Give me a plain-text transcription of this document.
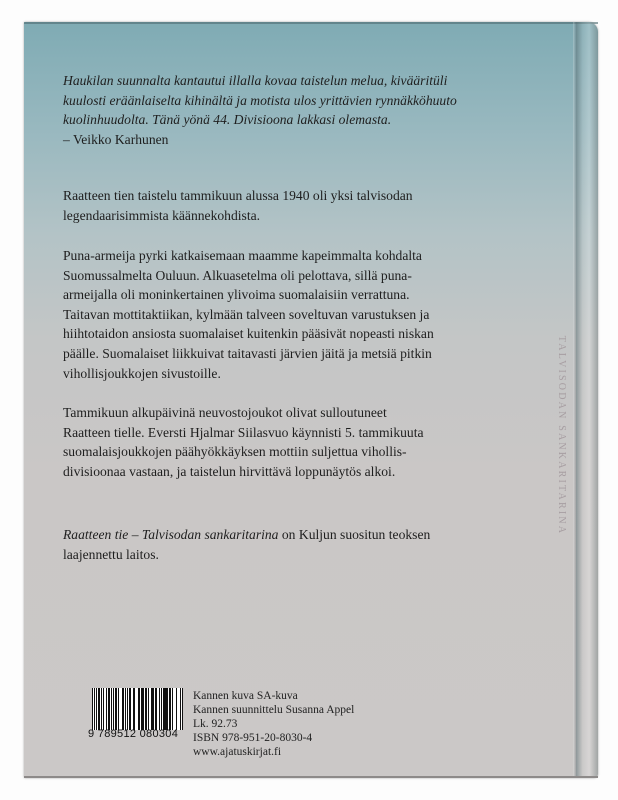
TALVISODAN SANKARITARINA
Haukilan suunnalta kantautui illalla kovaa taistelun melua, kivääritüli
kuulosti eräänlaiselta kihinältä ja motista ulos yrittävien rynnäkköhuuto
kuolinhuudolta. Tänä yönä 44. Divisioona lakkasi olemasta.
– Veikko Karhunen
Raatteen tien taistelu tammikuun alussa 1940 oli yksi talvisodan
legendaarisimmista käännekohdista.
Puna-armeija pyrki katkaisemaan maamme kapeimmalta kohdalta
Suomussalmelta Ouluun. Alkuasetelma oli pelottava, sillä puna-
armeijalla oli moninkertainen ylivoima suomalaisiin verrattuna.
Taitavan mottitaktiikan, kylmään talveen soveltuvan varustuksen ja
hiihtotaidon ansiosta suomalaiset kuitenkin pääsivät nopeasti niskan
päälle. Suomalaiset liikkuivat taitavasti järvien jäitä ja metsiä pitkin
vihollisjoukkojen sivustoille.
Tammikuun alkupäivinä neuvostojoukot olivat sulloutuneet
Raatteen tielle. Eversti Hjalmar Siilasvuo käynnisti 5. tammikuuta
suomalaisjoukkojen päähyökkäyksen mottiin suljettua vihollis-
divisioonaa vastaan, ja taistelun hirvittävä loppunäytös alkoi.
Raatteen tie – Talvisodan sankaritarina on Kuljun suositun teoksen
laajennettu laitos.
9 789512 080304
Kannen kuva SA-kuva
Kannen suunnittelu Susanna Appel
Lk. 92.73
ISBN 978-951-20-8030-4
www.ajatuskirjat.fi
